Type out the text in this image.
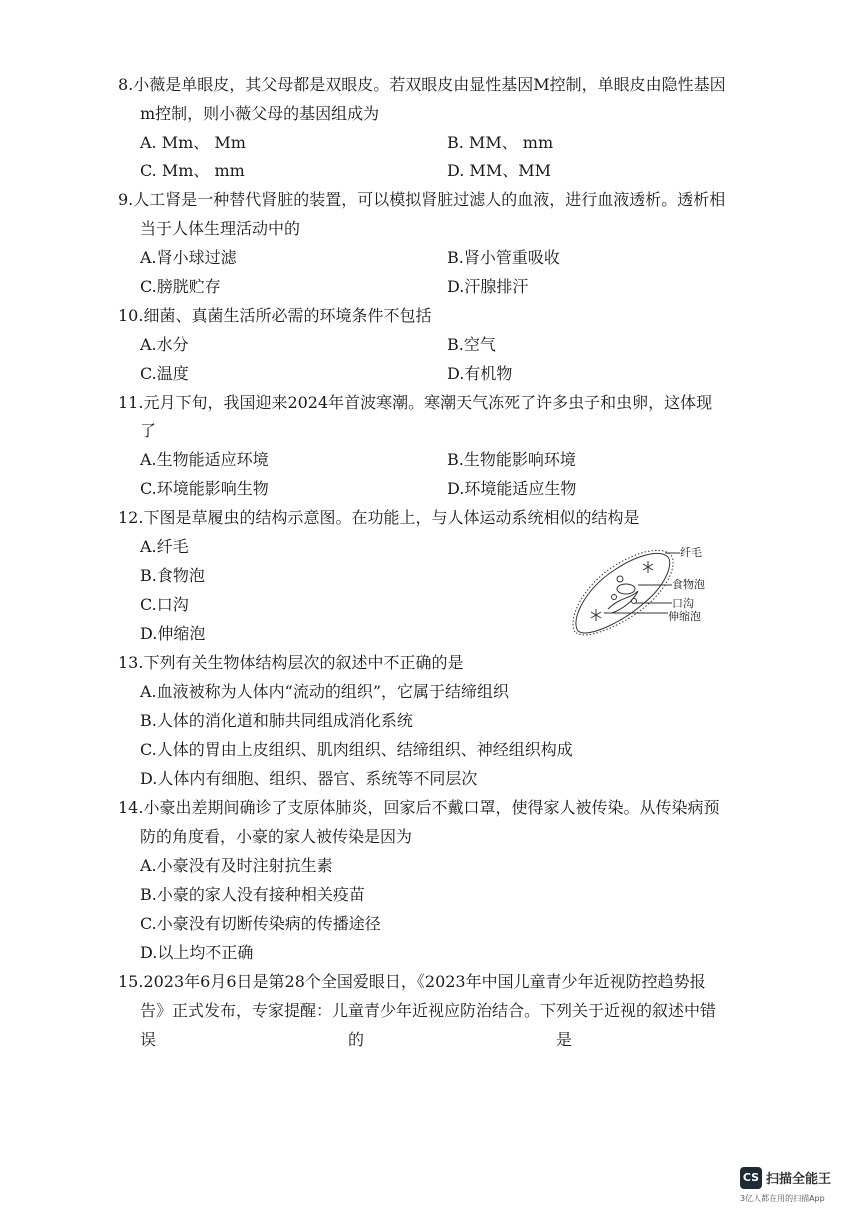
8.小薇是单眼皮，其父母都是双眼皮。若双眼皮由显性基因M控制，单眼皮由隐性基因
m控制，则小薇父母的基因组成为
A. Mm、 Mm	B. MM、 mm
C. Mm、 mm	D. MM、MM
9.人工肾是一种替代肾脏的装置，可以模拟肾脏过滤人的血液，进行血液透析。透析相
当于人体生理活动中的
A.肾小球过滤	B.肾小管重吸收
C.膀胱贮存	D.汗腺排汗
10.细菌、真菌生活所必需的环境条件不包括
A.水分	B.空气
C.温度	D.有机物
11.元月下旬，我国迎来2024年首波寒潮。寒潮天气冻死了许多虫子和虫卵，这体现
了
A.生物能适应环境	B.生物能影响环境
C.环境能影响生物	D.环境能适应生物
12.下图是草履虫的结构示意图。在功能上，与人体运动系统相似的结构是
A.纤毛
B.食物泡
C.口沟
D.伸缩泡
纤毛
食物泡
口沟
伸缩泡
13.下列有关生物体结构层次的叙述中不正确的是
A.血液被称为人体内“流动的组织”，它属于结缔组织
B.人体的消化道和肺共同组成消化系统
C.人体的胃由上皮组织、肌肉组织、结缔组织、神经组织构成
D.人体内有细胞、组织、器官、系统等不同层次
14.小豪出差期间确诊了支原体肺炎，回家后不戴口罩，使得家人被传染。从传染病预
防的角度看，小豪的家人被传染是因为
A.小豪没有及时注射抗生素
B.小豪的家人没有接种相关疫苗
C.小豪没有切断传染病的传播途径
D.以上均不正确
15.2023年6月6日是第28个全国爱眼日，《2023年中国儿童青少年近视防控趋势报
告》正式发布，专家提醒：儿童青少年近视应防治结合。下列关于近视的叙述中错
误	的	是
CS 扫描全能王
3亿人都在用的扫描App
